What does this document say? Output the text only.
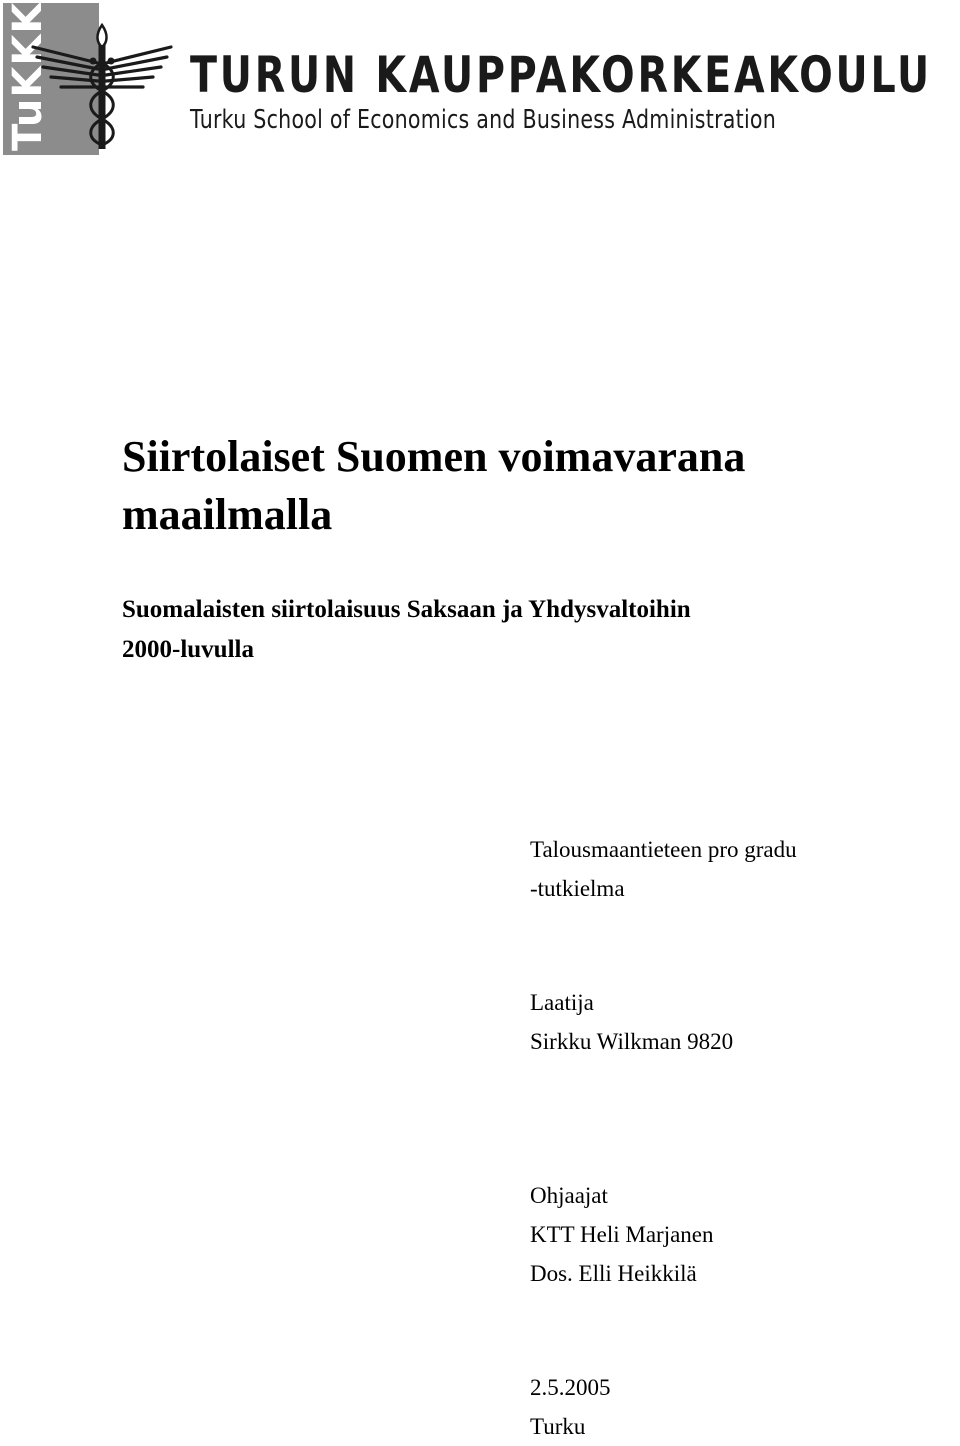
TuKKK	TURUN KAUPPAKORKEAKOULU
Turku School of Economics and Business Administration
Siirtolaiset Suomen voimavarana
maailmalla
Suomalaisten siirtolaisuus Saksaan ja Yhdysvaltoihin
2000-luvulla
Talousmaantieteen pro gradu
-tutkielma
Laatija
Sirkku Wilkman 9820
Ohjaajat
KTT Heli Marjanen
Dos. Elli Heikkilä
2.5.2005
Turku
